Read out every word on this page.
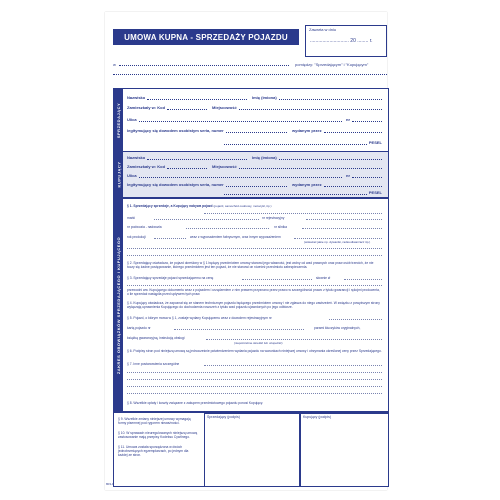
UMOWA KUPNA - SPRZEDAŻY POJAZDU
Zawarta w dniu
............................ 20 ........ r.
w	pomiędzy: "Sprzedającym" i "Kupującym"
SPRZEDAJĄCY
Nazwisko	Imię (imiona)
Zamieszkały w: Kod	Miejscowość
Ulica	nr
legitymujący się dowodem osobistym seria, numer	wydanym przez
PESEL
KUPUJĄCY
Nazwisko	Imię (imiona)
Zamieszkały w: Kod	Miejscowość
Ulica	nr
legitymujący się dowodem osobistym seria, numer	wydanym przez
PESEL
ZAKRES OBOWIĄZKÓW SPRZEDAJĄCEGO I KUPUJĄCEGO
§ 1. Sprzedający sprzedaje, a Kupujący nabywa pojazd (pojazd, samochód osobowy, motocykl, itp.)
marki	nr rejestracyjny
nr podwozia - nadwozia	nr silnika
rok produkcji	wraz z wyposażeniem fabrycznym, oraz innym wyposażeniem
(wskazać jakie np. dywaniki, radioodtwarzacz itp.)
§ 2. Sprzedający oświadcza, że pojazd określony w § 1 będący przedmiotem umowy stanowi jego własność, jest wolny od wad prawnych oraz praw osób trzecich, że nie toczy się żadne postępowanie, którego przedmiotem jest ten pojazd, że nie stanowi on również przedmiotu zabezpieczenia.
§ 3. Sprzedający sprzedaje pojazd sprzedającemu na cenę	słownie zł
przewodni ww. Kupującego dokumentu wraz z pojazdem i urządzeniem z nim prawem przyznano przez prawo w szczególności prawo z tytułu gwarancji i rękojmi producenta, o ile sprzedaż nastąpiła przed upływem tych praw.
§ 4. Kupujący oświadcza, że zapoznał się ze stanem technicznym pojazdu będącego przedmiotem umowy i nie zgłasza do niego zastrzeżeń. W związku z powyższym strony wyłączają uprawnienia Kupującego do dochodzenia roszczeń z tytułu wad pojazdu ujawnionych po jego odbiorze.
§ 5. Pojazd, o którym mowa w § 1, zostaje wydany Kupującemu wraz z dowodem rejestracyjnym nr
kartą pojazdu nr	parami kluczyków oryginalnych,
książką gwarancyjną, instrukcją obsługi
(niepotrzebne skreślić lub uzupełnić)
§ 6. Podpisy stron pod niniejszą umową są jednocześnie potwierdzeniem wydania pojazdu na warunkach niniejszej umowy i otrzymania określonej ceny przez Sprzedającego.
§ 7. Inne postanowienia szczególne
§ 8. Wszelkie opłaty i koszty związane z zakupem przedmiotowego pojazdu ponosi Kupujący.
§ 9. Wszelkie zmiany niniejszej umowy wymagają formy pisemnej pod rygorem nieważności.
§ 10. W sprawach nieuregulowanych niniejszą umową zastosowanie mają przepisy Kodeksu Cywilnego.
§ 11. Umowa została sporządzona w dwóch jednobrzmiących egzemplarzach, po jednym dla każdej ze stron.
Sprzedający (podpis)	Kupujący (podpis)
803-1
